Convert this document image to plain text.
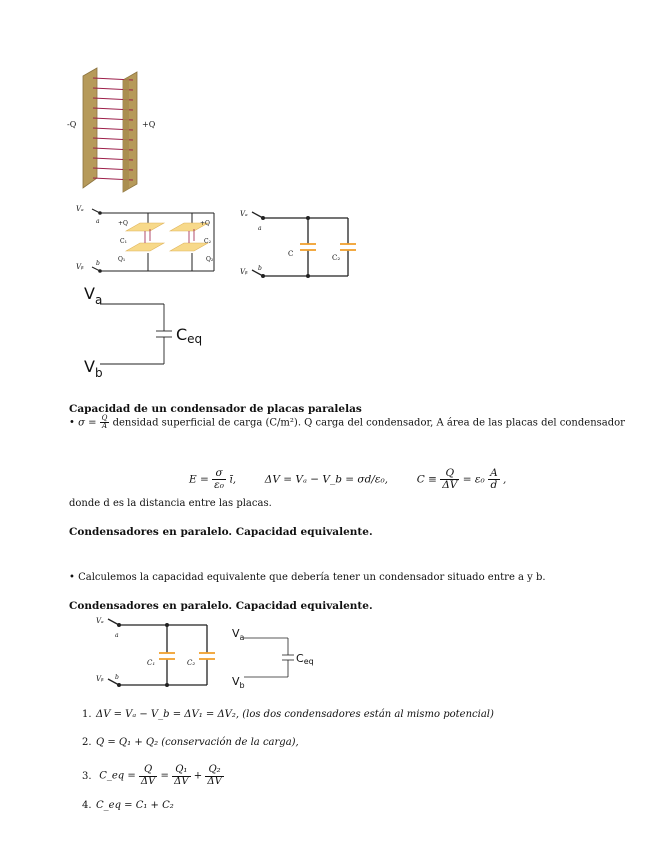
-Q	+Q
Vₐ
a
Vᵦ b
+Q	+Q
Q₁	Q₂
C₁	C₂
Vₐ
a
Vᵦ b
C	C₂
$V_a$
$V_b$
Ceq
Capacidad de un condensador de placas paralelas
• $\sigma = \frac{Q}{A}$ densidad superficial de carga (C/m²). Q carga del condensador, A área de las placas del condensador
$E = \frac{\sigma}{\text{ε₀}}$ ī,	ΔV = Vₐ − V_b = σd/ε₀,	$C \equiv \frac{Q}{\Delta V} = \varepsilon_0 \frac{A}{d}$ ,
donde d es la distancia entre las placas.
Condensadores en paralelo. Capacidad equivalente.
• Calculemos la capacidad equivalente que debería tener un condensador situado entre a y b.
Condensadores en paralelo. Capacidad equivalente.
Vₐ
a
Vᵦ b
C₁	C₂
$V_a$
$V_b$
Ceq
1. ΔV = Vₐ − V_b = ΔV₁ = ΔV₂, (los dos condensadores están al mismo potencial)
2. Q = Q₁ + Q₂ (conservación de la carga),
3. C_eq = $\frac{Q}{\Delta V} = \frac{\text{Q₁}}{\Delta V} + \frac{\text{Q₂}}{\Delta V}$
4. C_eq = C₁ + C₂
